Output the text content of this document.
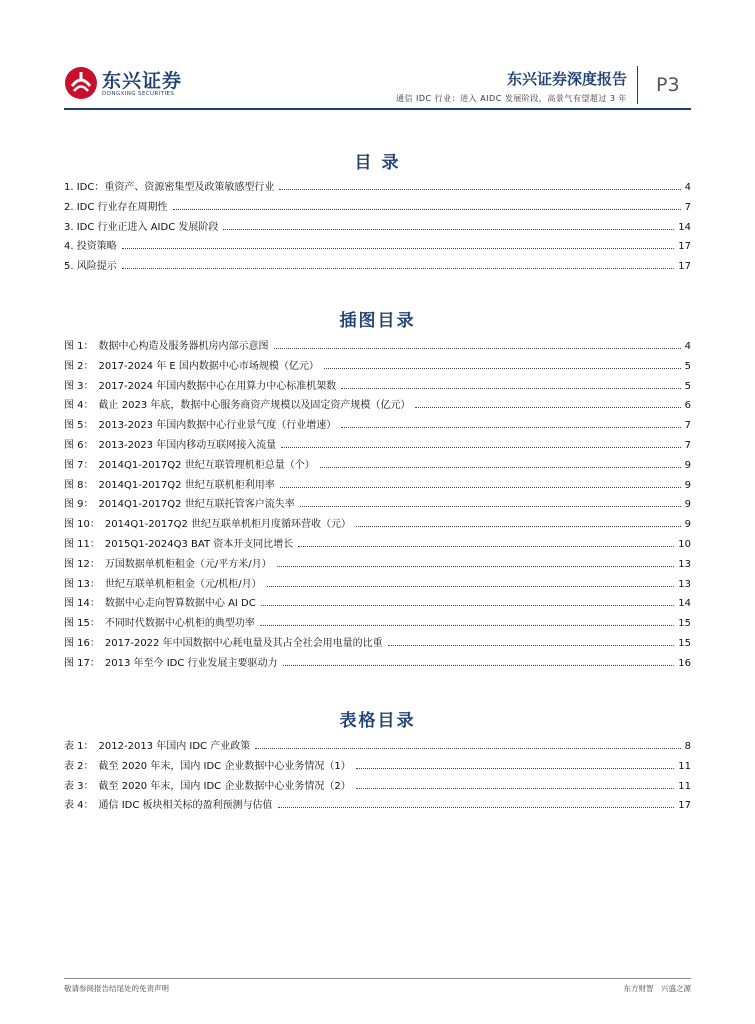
东兴证券
DONGXING SECURITIES
东兴证券深度报告
通信 IDC 行业：进入 AIDC 发展阶段，高景气有望超过 3 年
P3
目 录
1. IDC：重资产、资源密集型及政策敏感型行业	4
2. IDC 行业存在周期性	7
3. IDC 行业正进入 AIDC 发展阶段	14
4. 投资策略	17
5. 风险提示	17
插图目录
图 1：　数据中心构造及服务器机房内部示意图	4
图 2：　2017-2024 年 E 国内数据中心市场规模（亿元）	5
图 3：　2017-2024 年国内数据中心在用算力中心标准机架数	5
图 4：　截止 2023 年底，数据中心服务商资产规模以及固定资产规模（亿元）	6
图 5：　2013-2023 年国内数据中心行业景气度（行业增速）	7
图 6：　2013-2023 年国内移动互联网接入流量	7
图 7：　2014Q1-2017Q2 世纪互联管理机柜总量（个）	9
图 8：　2014Q1-2017Q2 世纪互联机柜利用率	9
图 9：　2014Q1-2017Q2 世纪互联托管客户流失率	9
图 10：　2014Q1-2017Q2 世纪互联单机柜月度循环营收（元）	9
图 11：　2015Q1-2024Q3 BAT 资本开支同比增长	10
图 12：　万国数据单机柜租金（元/平方米/月）	13
图 13：　世纪互联单机柜租金（元/机柜/月）	13
图 14：　数据中心走向智算数据中心 AI DC	14
图 15：　不同时代数据中心机柜的典型功率	15
图 16：　2017-2022 年中国数据中心耗电量及其占全社会用电量的比重	15
图 17：　2013 年至今 IDC 行业发展主要驱动力	16
表格目录
表 1：　2012-2013 年国内 IDC 产业政策	8
表 2：　截至 2020 年末，国内 IDC 企业数据中心业务情况（1）	11
表 3：　截至 2020 年末，国内 IDC 企业数据中心业务情况（2）	11
表 4：　通信 IDC 板块相关标的盈利预测与估值	17
敬请参阅报告结尾处的免责声明	东方财智　兴盛之源
